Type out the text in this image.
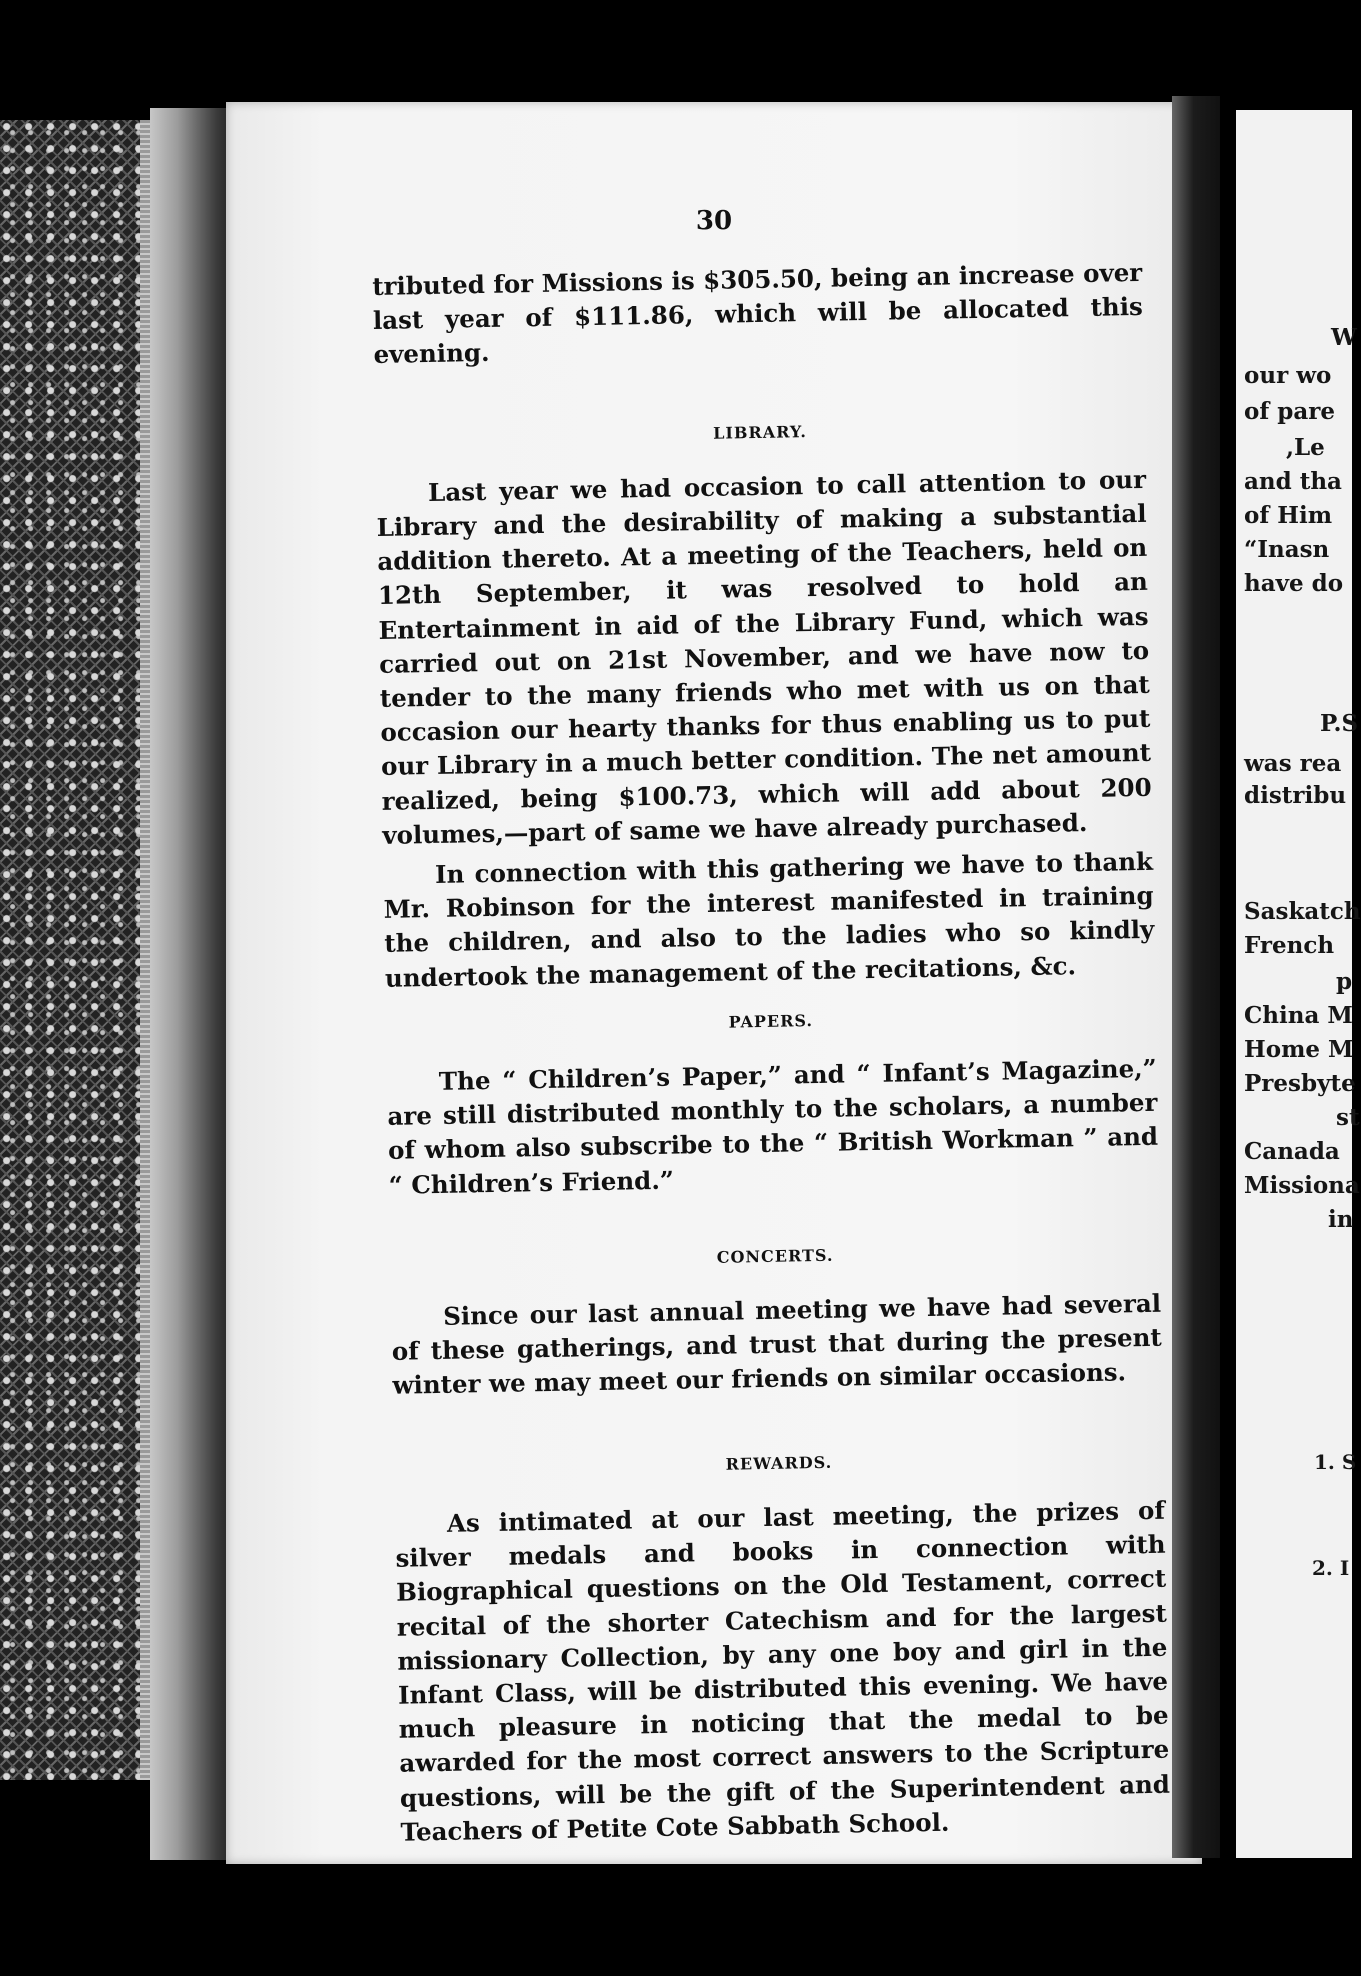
30

tributed for Missions is $305.50, being an increase over last year of $111.86, which will be allocated this evening.

LIBRARY.

Last year we had occasion to call attention to our Library and the desirability of making a substantial addition thereto. At a meeting of the Teachers, held on 12th September, it was resolved to hold an Entertainment in aid of the Library Fund, which was carried out on 21st November, and we have now to tender to the many friends who met with us on that occasion our hearty thanks for thus enabling us to put our Library in a much better condition. The net amount realized, being $100.73, which will add about 200 volumes,—part of same we have already purchased.

In connection with this gathering we have to thank Mr. Robinson for the interest manifested in training the children, and also to the ladies who so kindly undertook the management of the recitations, &c.

PAPERS.

The “ Children’s Paper,” and “ Infant’s Magazine,” are still distributed monthly to the scholars, a number of whom also subscribe to the “ British Workman ” and “ Children’s Friend.”

CONCERTS.

Since our last annual meeting we have had several of these gatherings, and trust that during the present winter we may meet our friends on similar occasions.

REWARDS.

As intimated at our last meeting, the prizes of silver medals and books in connection with Biographical questions on the Old Testament, correct recital of the shorter Catechism and for the largest missionary Collection, by any one boy and girl in the Infant Class, will be distributed this evening. We have much pleasure in noticing that the medal to be awarded for the most correct answers to the Scripture questions, will be the gift of the Superintendent and Teachers of Petite Cote Sabbath School.

W
our wo
of pare
,Le
and tha
of Him
“Inasn
have do
P.S
was rea
distribu
Saskatch
French
p
China M
Home M
Presbyte
st
Canada
Missiona
in
1. S
2. I
